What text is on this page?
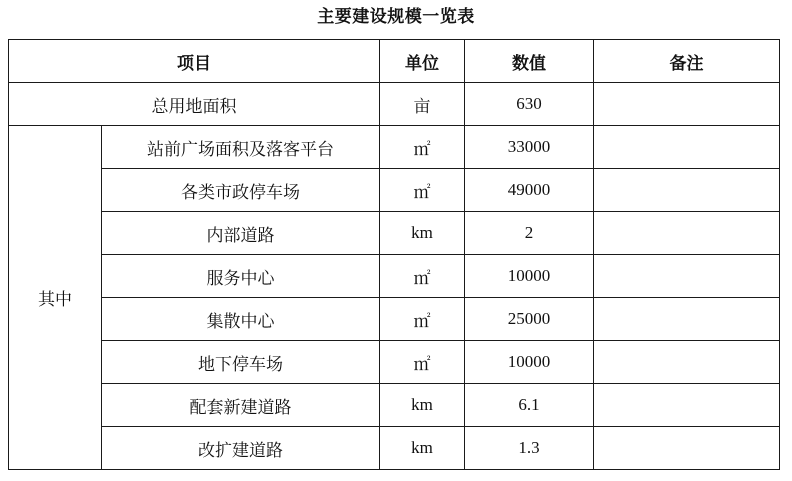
主要建设规模一览表
项目		单位	数值	备注
总用地面积		亩	630	
其中	站前广场面积及落客平台	㎡	33000	
	各类市政停车场	㎡	49000	
	内部道路	km	2	
	服务中心	㎡	10000	
	集散中心	㎡	25000	
	地下停车场	㎡	10000	
	配套新建道路	km	6.1	
	改扩建道路	km	1.3	
